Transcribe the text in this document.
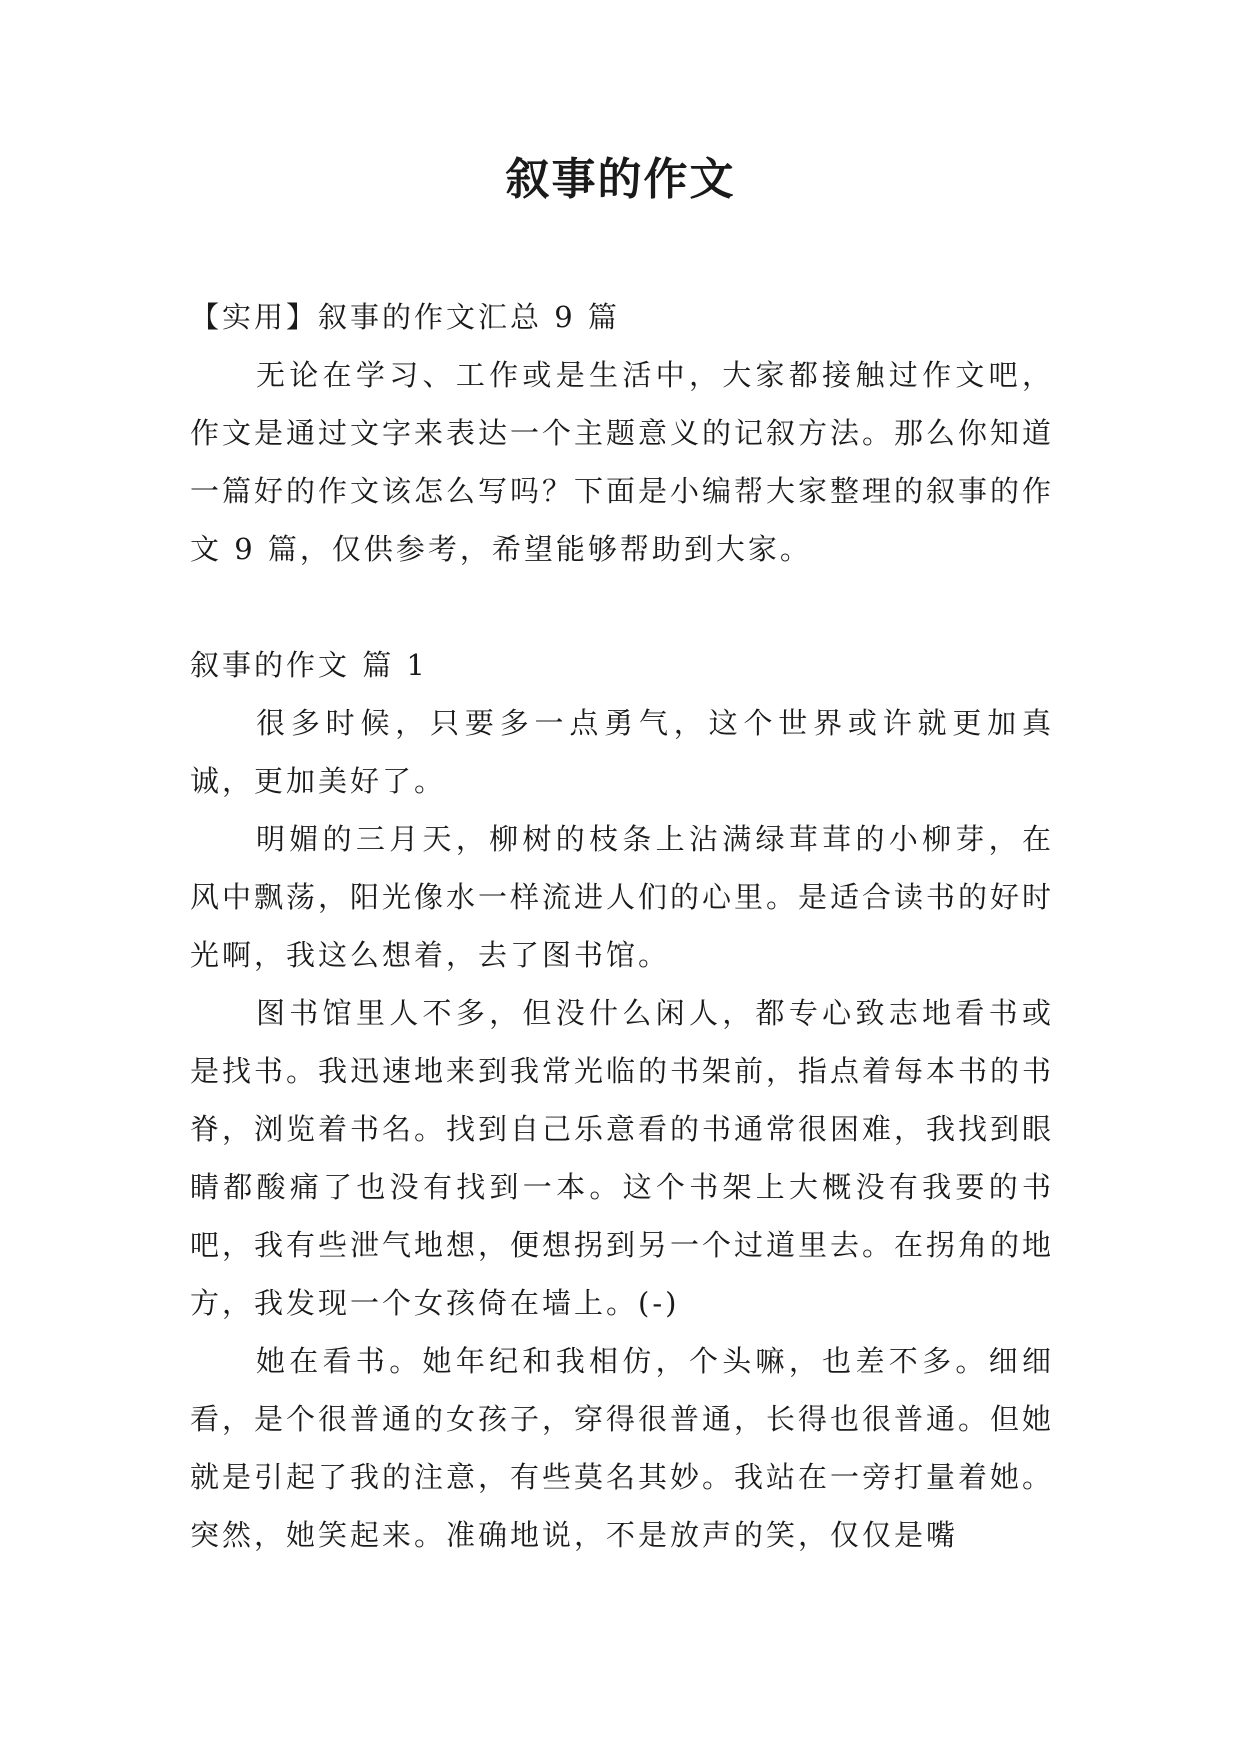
叙事的作文

【实用】叙事的作文汇总 9 篇

无论在学习、工作或是生活中，大家都接触过作文吧，作文是通过文字来表达一个主题意义的记叙方法。那么你知道一篇好的作文该怎么写吗？下面是小编帮大家整理的叙事的作文 9 篇，仅供参考，希望能够帮助到大家。

叙事的作文 篇 1

很多时候，只要多一点勇气，这个世界或许就更加真诚，更加美好了。

明媚的三月天，柳树的枝条上沾满绿茸茸的小柳芽，在风中飘荡，阳光像水一样流进人们的心里。是适合读书的好时光啊，我这么想着，去了图书馆。

图书馆里人不多，但没什么闲人，都专心致志地看书或是找书。我迅速地来到我常光临的书架前，指点着每本书的书脊，浏览着书名。找到自己乐意看的书通常很困难，我找到眼睛都酸痛了也没有找到一本。这个书架上大概没有我要的书吧，我有些泄气地想，便想拐到另一个过道里去。在拐角的地方，我发现一个女孩倚在墙上。(-)

她在看书。她年纪和我相仿，个头嘛，也差不多。细细看，是个很普通的女孩子，穿得很普通，长得也很普通。但她就是引起了我的注意，有些莫名其妙。我站在一旁打量着她。突然，她笑起来。准确地说，不是放声的笑，仅仅是嘴
